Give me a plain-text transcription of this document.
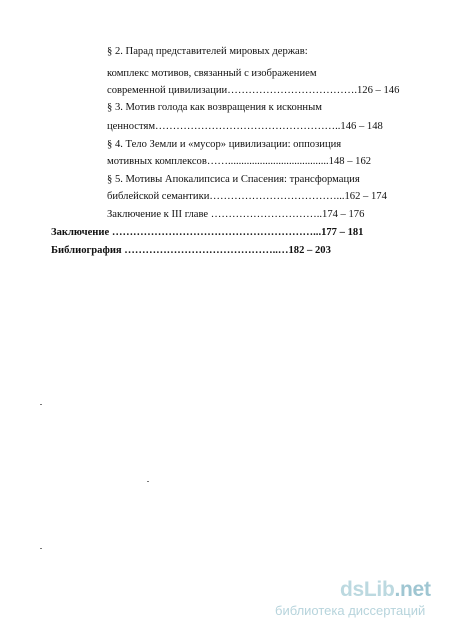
§ 2. Парад представителей мировых держав:
комплекс мотивов, связанный с изображением
современной цивилизации……………………………….126 – 146
§ 3. Мотив голода как возвращения к исконным
ценностям……………………………………………..146 – 148
§ 4. Тело Земли и «мусор» цивилизации: оппозиция
мотивных комплексов……......................................148 – 162
§ 5. Мотивы Апокалипсиса и Спасения: трансформация
библейской семантики………………………………...162 – 174
Заключение к III главе …………………………..174 – 176
Заключение …………………………………………………...177 – 181
Библиография ……………………………………..…182 – 203
dsLib.net
библиотека диссертаций
